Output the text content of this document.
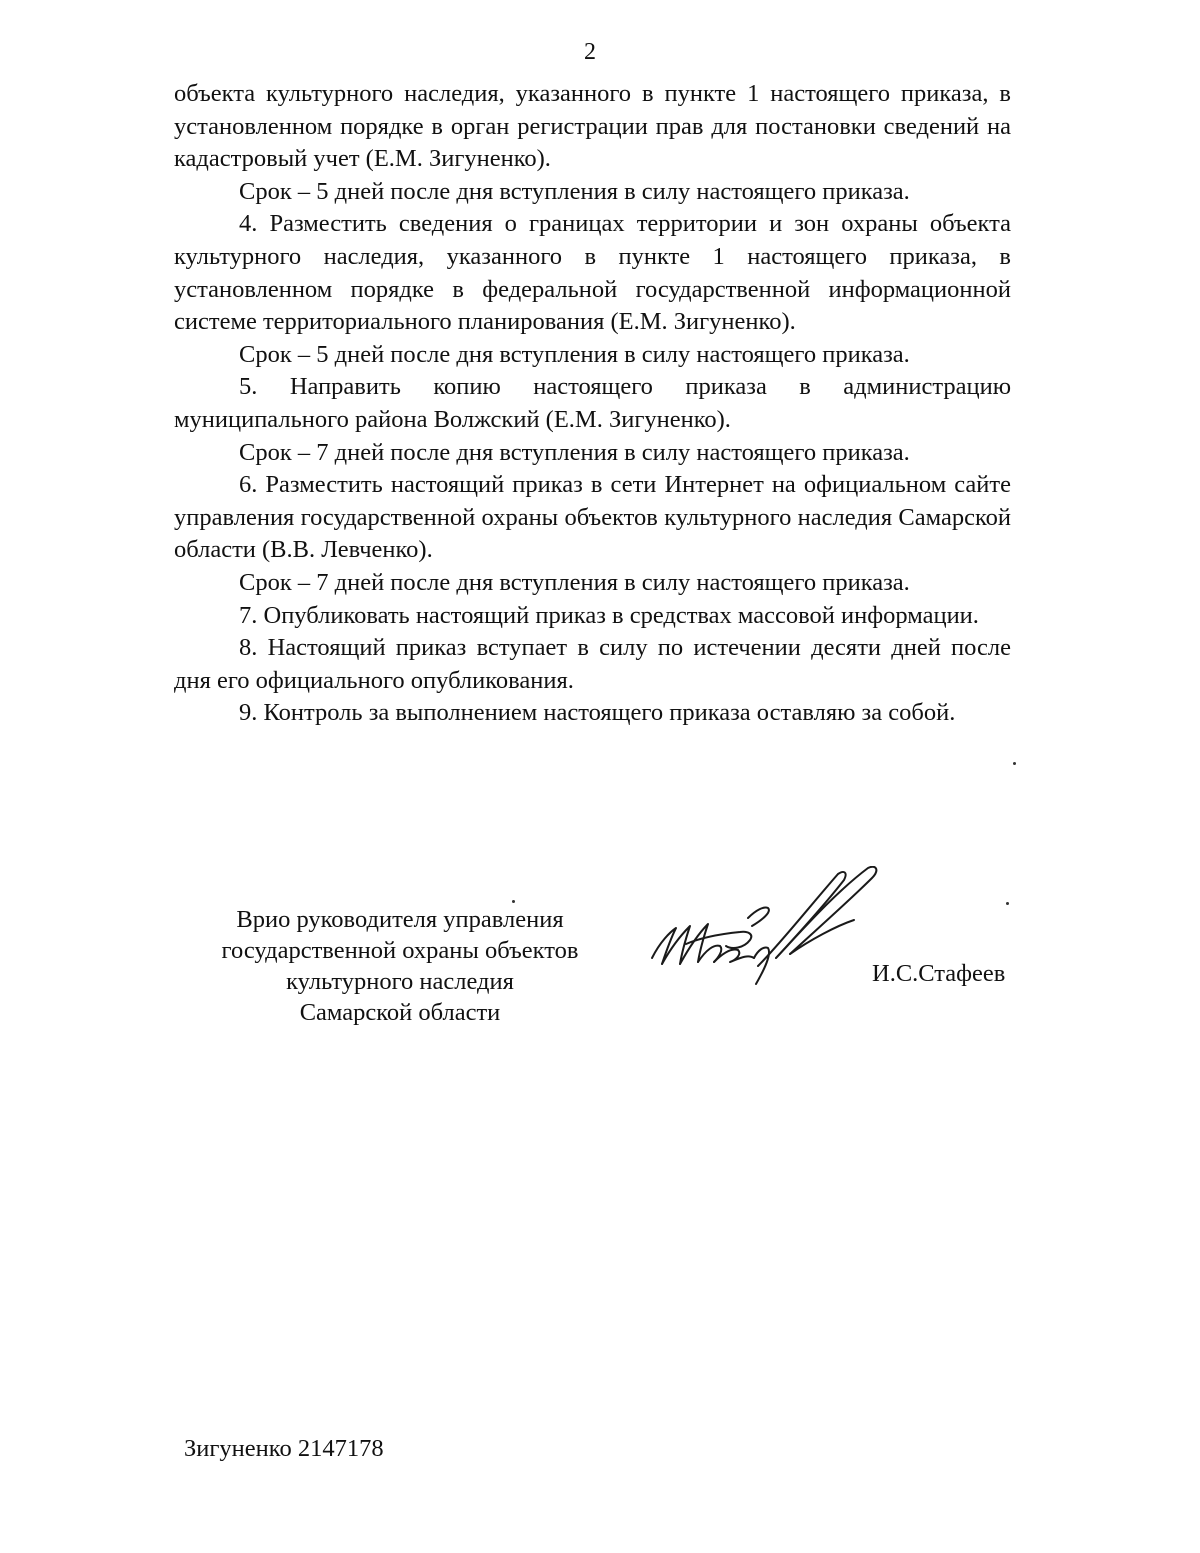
2

объекта культурного наследия, указанного в пункте 1 настоящего приказа, в установленном порядке в орган регистрации прав для постановки сведений на кадастровый учет (Е.М. Зигуненко).

Срок – 5 дней после дня вступления в силу настоящего приказа.

4. Разместить сведения о границах территории и зон охраны объекта культурного наследия, указанного в пункте 1 настоящего приказа, в установленном порядке в федеральной государственной информационной системе территориального планирования (Е.М. Зигуненко).

Срок – 5 дней после дня вступления в силу настоящего приказа.

5. Направить копию настоящего приказа в администрацию муниципального района Волжский (Е.М. Зигуненко).

Срок – 7 дней после дня вступления в силу настоящего приказа.

6. Разместить настоящий приказ в сети Интернет на официальном сайте управления государственной охраны объектов культурного наследия Самарской области (В.В. Левченко).

Срок – 7 дней после дня вступления в силу настоящего приказа.

7. Опубликовать настоящий приказ в средствах массовой информации.

8. Настоящий приказ вступает в силу по истечении десяти дней после дня его официального опубликования.

9. Контроль за выполнением настоящего приказа оставляю за собой.

Врио руководителя управления
государственной охраны объектов
культурного наследия
Самарской области
И.С.Стафеев
Зигуненко 2147178
